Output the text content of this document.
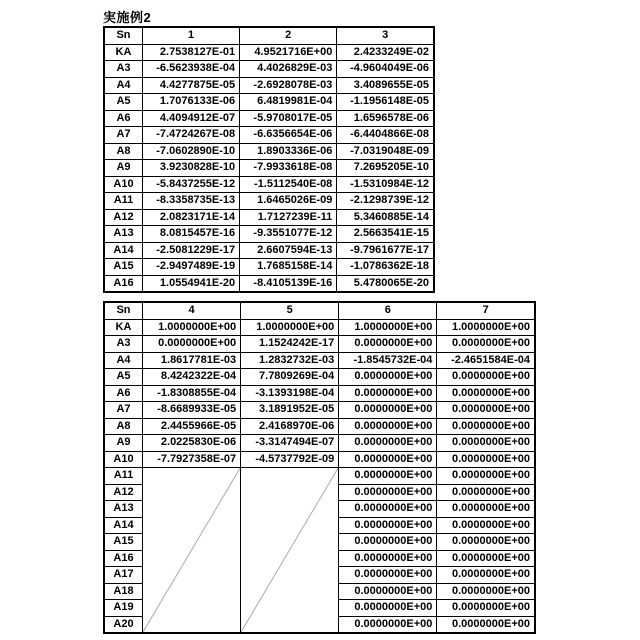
実施例2
Sn	1	2	3
KA	2.7538127E-01	4.9521716E+00	2.4233249E-02
A3	-6.5623938E-04	4.4026829E-03	-4.9604049E-06
A4	4.4277875E-05	-2.6928078E-03	3.4089655E-05
A5	1.7076133E-06	6.4819981E-04	-1.1956148E-05
A6	4.4094912E-07	-5.9708017E-05	1.6596578E-06
A7	-7.4724267E-08	-6.6356654E-06	-6.4404866E-08
A8	-7.0602890E-10	1.8903336E-06	-7.0319048E-09
A9	3.9230828E-10	-7.9933618E-08	7.2695205E-10
A10	-5.8437255E-12	-1.5112540E-08	-1.5310984E-12
A11	-8.3358735E-13	1.6465026E-09	-2.1298739E-12
A12	2.0823171E-14	1.7127239E-11	5.3460885E-14
A13	8.0815457E-16	-9.3551077E-12	2.5663541E-15
A14	-2.5081229E-17	2.6607594E-13	-9.7961677E-17
A15	-2.9497489E-19	1.7685158E-14	-1.0786362E-18
A16	1.0554941E-20	-8.4105139E-16	5.4780065E-20
Sn	4	5	6	7
KA	1.0000000E+00	1.0000000E+00	1.0000000E+00	1.0000000E+00
A3	0.0000000E+00	1.1524242E-17	0.0000000E+00	0.0000000E+00
A4	1.8617781E-03	1.2832732E-03	-1.8545732E-04	-2.4651584E-04
A5	8.4242322E-04	7.7809269E-04	0.0000000E+00	0.0000000E+00
A6	-1.8308855E-04	-3.1393198E-04	0.0000000E+00	0.0000000E+00
A7	-8.6689933E-05	3.1891952E-05	0.0000000E+00	0.0000000E+00
A8	2.4455966E-05	2.4168970E-06	0.0000000E+00	0.0000000E+00
A9	2.0225830E-06	-3.3147494E-07	0.0000000E+00	0.0000000E+00
A10	-7.7927358E-07	-4.5737792E-09	0.0000000E+00	0.0000000E+00
A11			0.0000000E+00	0.0000000E+00
A12			0.0000000E+00	0.0000000E+00
A13			0.0000000E+00	0.0000000E+00
A14			0.0000000E+00	0.0000000E+00
A15			0.0000000E+00	0.0000000E+00
A16			0.0000000E+00	0.0000000E+00
A17			0.0000000E+00	0.0000000E+00
A18			0.0000000E+00	0.0000000E+00
A19			0.0000000E+00	0.0000000E+00
A20			0.0000000E+00	0.0000000E+00
